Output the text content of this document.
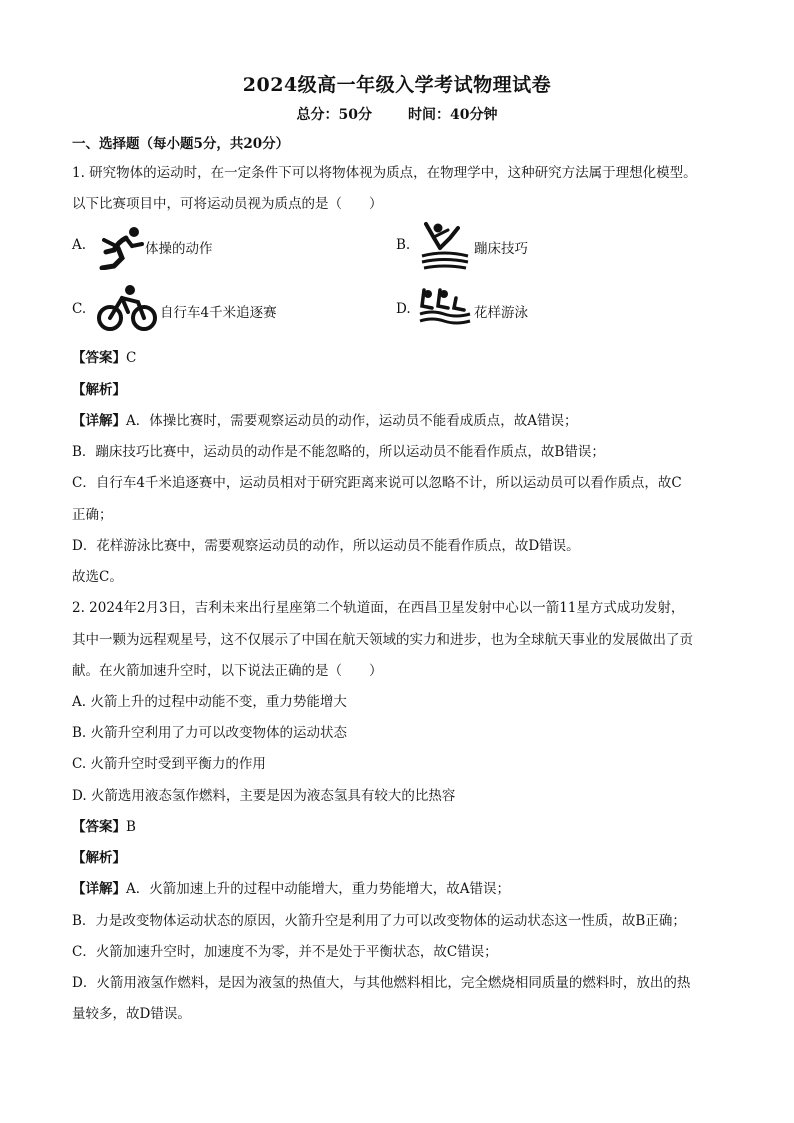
2024级高一年级入学考试物理试卷
总分：50分	时间：40分钟
一、选择题（每小题5分，共20分）
1. 研究物体的运动时，在一定条件下可以将物体视为质点，在物理学中，这种研究方法属于理想化模型。
以下比赛项目中，可将运动员视为质点的是（　　）
A.	体操的动作	B.	蹦床技巧
C.	自行车4千米追逐赛	D.	花样游泳
【答案】C
【解析】
【详解】A．体操比赛时，需要观察运动员的动作，运动员不能看成质点，故A错误；
B．蹦床技巧比赛中，运动员的动作是不能忽略的，所以运动员不能看作质点，故B错误；
C．自行车4千米追逐赛中，运动员相对于研究距离来说可以忽略不计，所以运动员可以看作质点，故C
正确；
D．花样游泳比赛中，需要观察运动员的动作，所以运动员不能看作质点，故D错误。
故选C。
2. 2024年2月3日，吉利未来出行星座第二个轨道面，在西昌卫星发射中心以一箭11星方式成功发射，
其中一颗为远程观星号，这不仅展示了中国在航天领域的实力和进步，也为全球航天事业的发展做出了贡
献。在火箭加速升空时，以下说法正确的是（　　）
A. 火箭上升的过程中动能不变，重力势能增大
B. 火箭升空利用了力可以改变物体的运动状态
C. 火箭升空时受到平衡力的作用
D. 火箭选用液态氢作燃料，主要是因为液态氢具有较大的比热容
【答案】B
【解析】
【详解】A．火箭加速上升的过程中动能增大，重力势能增大，故A错误；
B．力是改变物体运动状态的原因，火箭升空是利用了力可以改变物体的运动状态这一性质，故B正确；
C．火箭加速升空时，加速度不为零，并不是处于平衡状态，故C错误；
D．火箭用液氢作燃料，是因为液氢的热值大，与其他燃料相比，完全燃烧相同质量的燃料时，放出的热
量较多，故D错误。
